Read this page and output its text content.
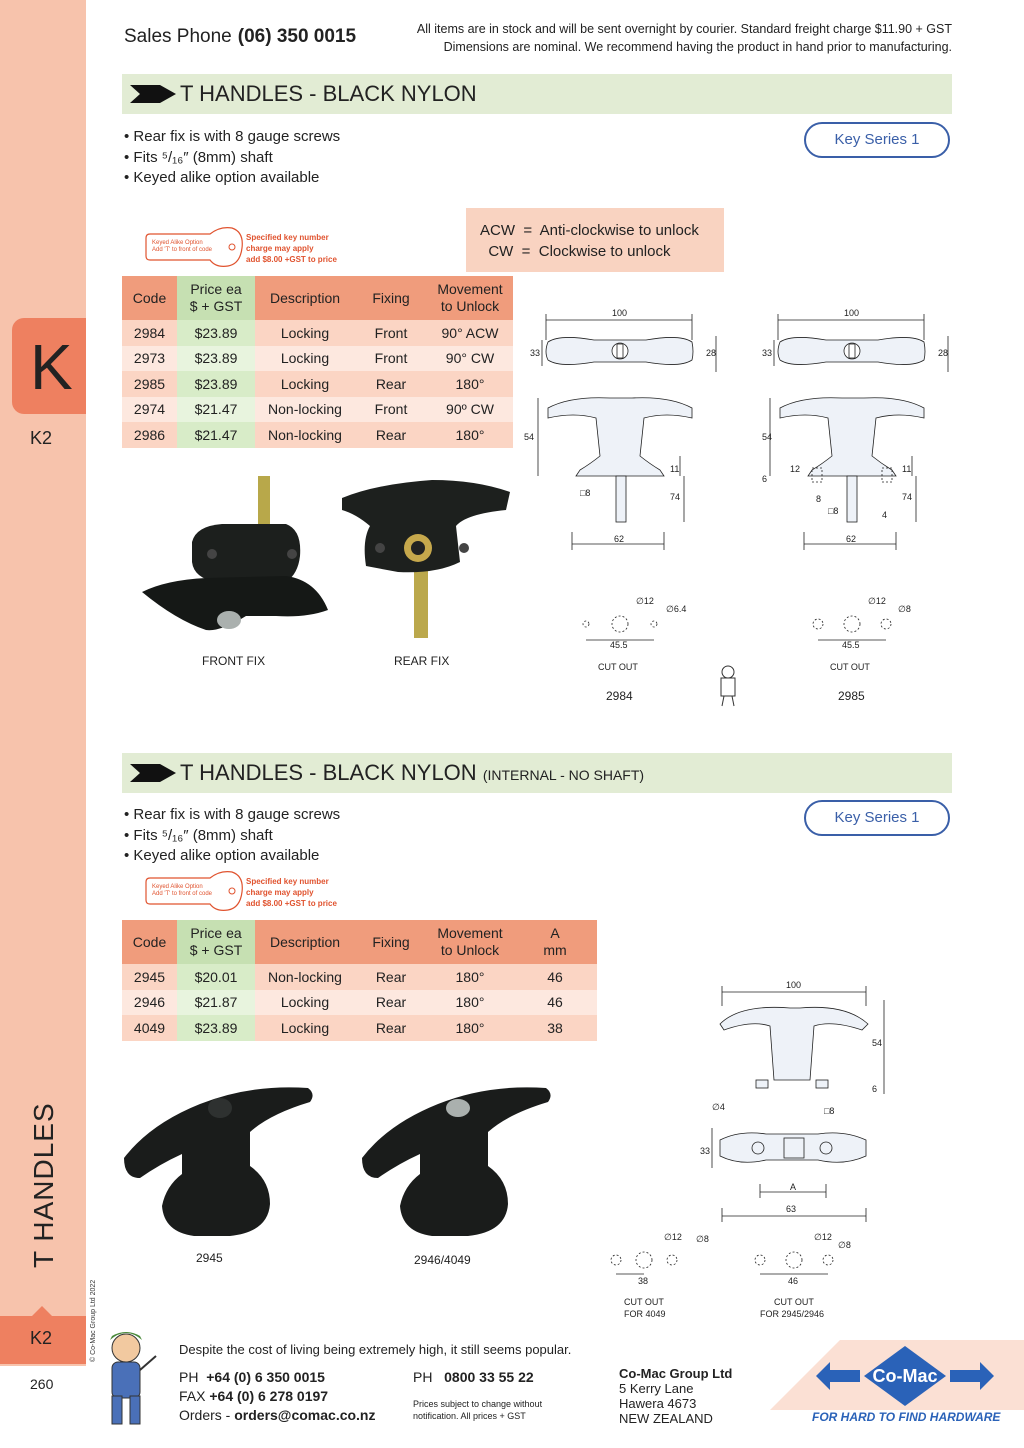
K
K2
T HANDLES
© Co-Mac Group Ltd 2022
K2
260
Sales Phone (06) 350 0015	All items are in stock and will be sent overnight by courier. Standard freight charge $11.90 + GST
Dimensions are nominal. We recommend having the product in hand prior to manufacturing.
T HANDLES - BLACK NYLON
• Rear fix is with 8 gauge screws
• Fits ⁵/₁₆″ (8mm) shaft
• Keyed alike option available
Key Series 1
Keyed Alike Option
Add 'T' to front of code
Specified key number
charge may apply
add $8.00 +GST to price
ACW  =  Anti-clockwise to unlock
CW  =  Clockwise to unlock
Code	Price ea
$ + GST	Description	Fixing	Movement
to Unlock
2984	$23.89	Locking	Front	90° ACW
2973	$23.89	Locking	Front	90° CW
2985	$23.89	Locking	Rear	180°
2974	$21.47	Non-locking	Front	90º CW
2986	$21.47	Non-locking	Rear	180°
FRONT FIX	REAR FIX
100
33	28
54
11
74
□8
62
∅12
∅6.4
45.5
CUT OUT
2984
100
33	28
54
11
74
6
12
8
□8	4
62
∅12
∅8
45.5
CUT OUT
2985
T HANDLES - BLACK NYLON (INTERNAL - NO SHAFT)
• Rear fix is with 8 gauge screws
• Fits ⁵/₁₆″ (8mm) shaft
• Keyed alike option available
Key Series 1
Keyed Alike Option
Add 'T' to front of code
Specified key number
charge may apply
add $8.00 +GST to price
Code	Price ea
$ + GST	Description	Fixing	Movement
to Unlock	A
mm
2945	$20.01	Non-locking	Rear	180°	46
2946	$21.87	Locking	Rear	180°	46
4049	$23.89	Locking	Rear	180°	38
2945	2946/4049
100
54
6
∅4	□8
33
A
63
∅12 ∅8
38
CUT OUT
FOR 4049
∅12
∅8
46
CUT OUT
FOR 2945/2946
Despite the cost of living being extremely high, it still seems popular.
PH +64 (0) 6 350 0015
FAX +64 (0) 6 278 0197
Orders - orders@comac.co.nz
PH 0800 33 55 22
Prices subject to change without
notification. All prices + GST
Co-Mac Group Ltd
5 Kerry Lane
Hawera 4673
NEW ZEALAND
Co-Mac
FOR HARD TO FIND HARDWARE
